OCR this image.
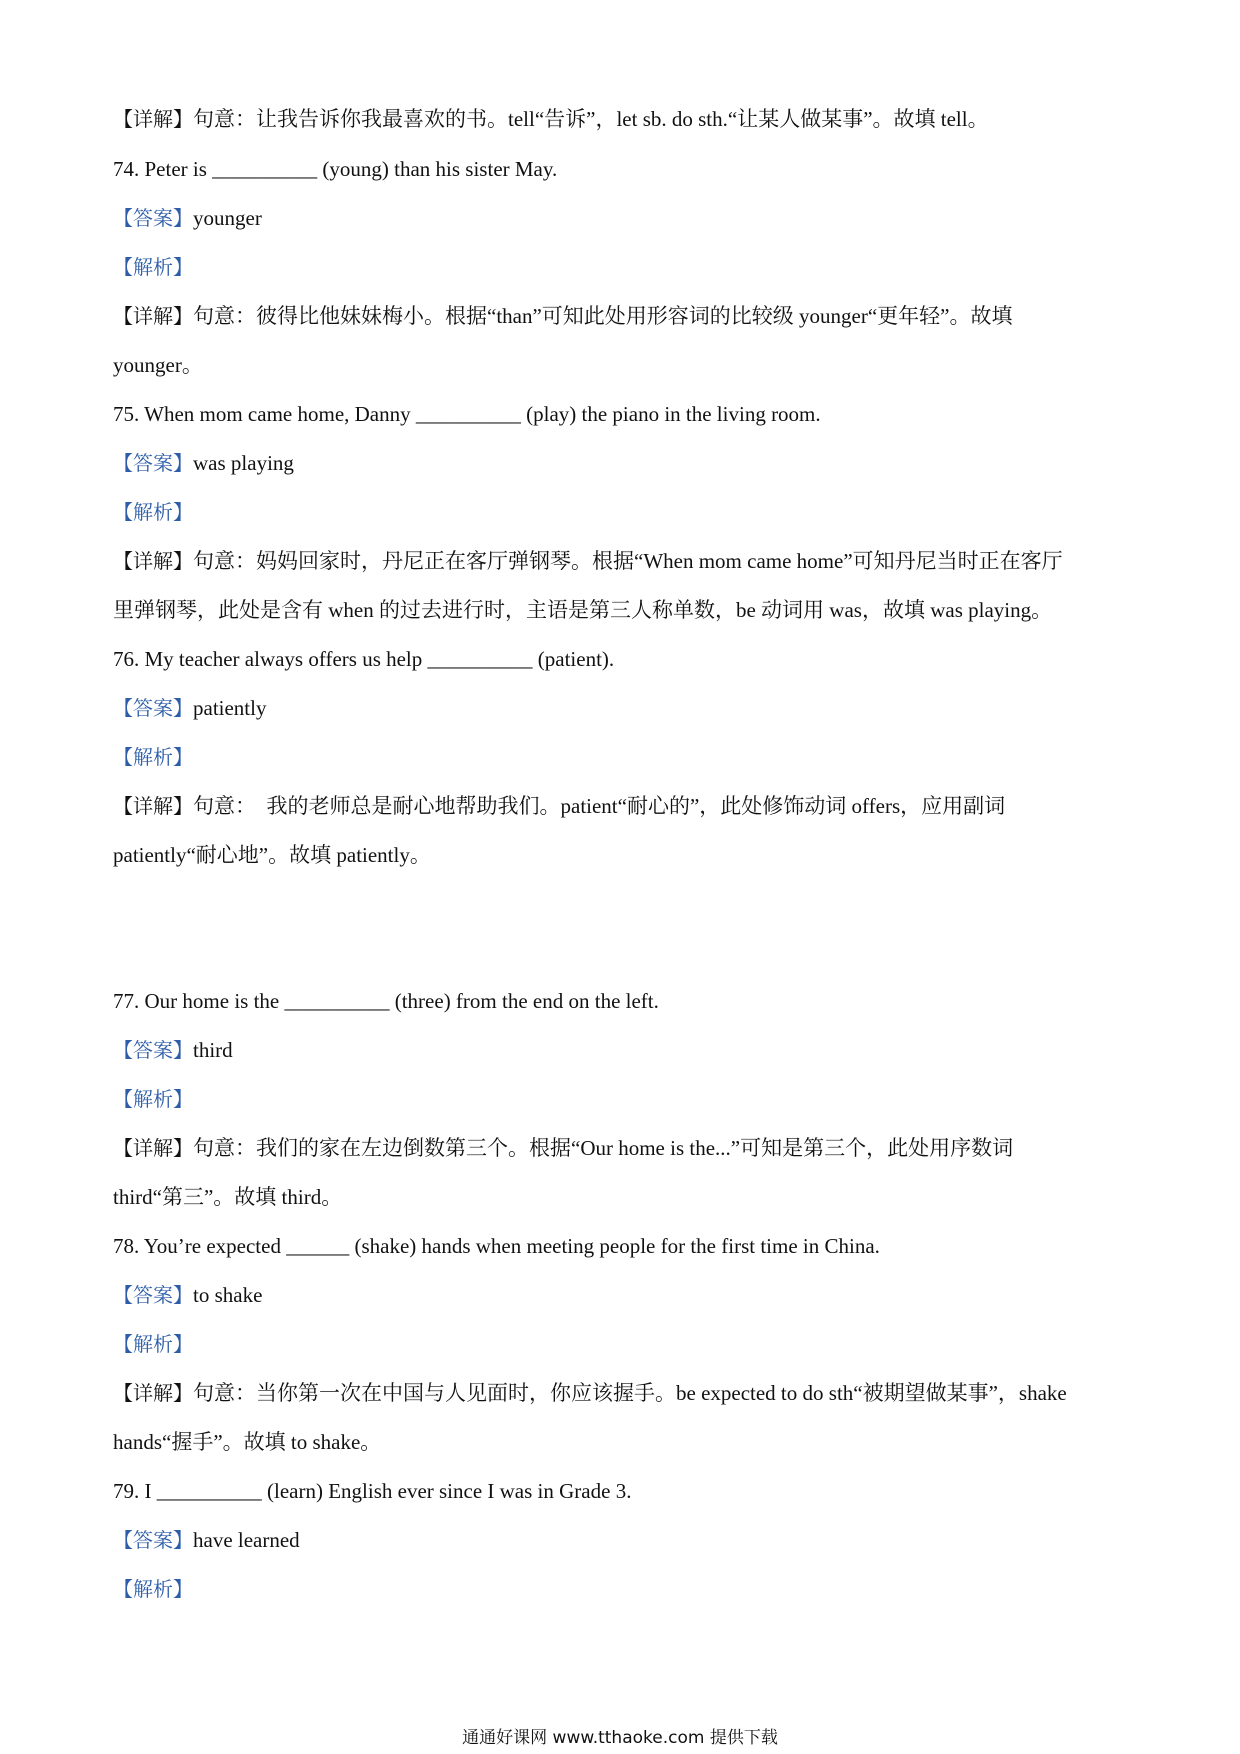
【详解】句意：让我告诉你我最喜欢的书。tell“告诉”，let sb. do sth.“让某人做某事”。故填 tell。
74. Peter is __________ (young) than his sister May.
【答案】younger
【解析】
【详解】句意：彼得比他妹妹梅小。根据“than”可知此处用形容词的比较级 younger“更年轻”。故填
younger。
75. When mom came home, Danny __________ (play) the piano in the living room.
【答案】was playing
【解析】
【详解】句意：妈妈回家时，丹尼正在客厅弹钢琴。根据“When mom came home”可知丹尼当时正在客厅
里弹钢琴，此处是含有 when 的过去进行时，主语是第三人称单数，be 动词用 was，故填 was playing。
76. My teacher always offers us help __________ (patient).
【答案】patiently
【解析】
【详解】句意：　我的老师总是耐心地帮助我们。patient“耐心的”，此处修饰动词 offers，应用副词
patiently“耐心地”。故填 patiently。
77. Our home is the __________ (three) from the end on the left.
【答案】third
【解析】
【详解】句意：我们的家在左边倒数第三个。根据“Our home is the...”可知是第三个，此处用序数词
third“第三”。故填 third。
78. You’re expected ______ (shake) hands when meeting people for the first time in China.
【答案】to shake
【解析】
【详解】句意：当你第一次在中国与人见面时，你应该握手。be expected to do sth“被期望做某事”，shake
hands“握手”。故填 to shake。
79. I __________ (learn) English ever since I was in Grade 3.
【答案】have learned
【解析】
通通好课网 www.tthaoke.com 提供下载
